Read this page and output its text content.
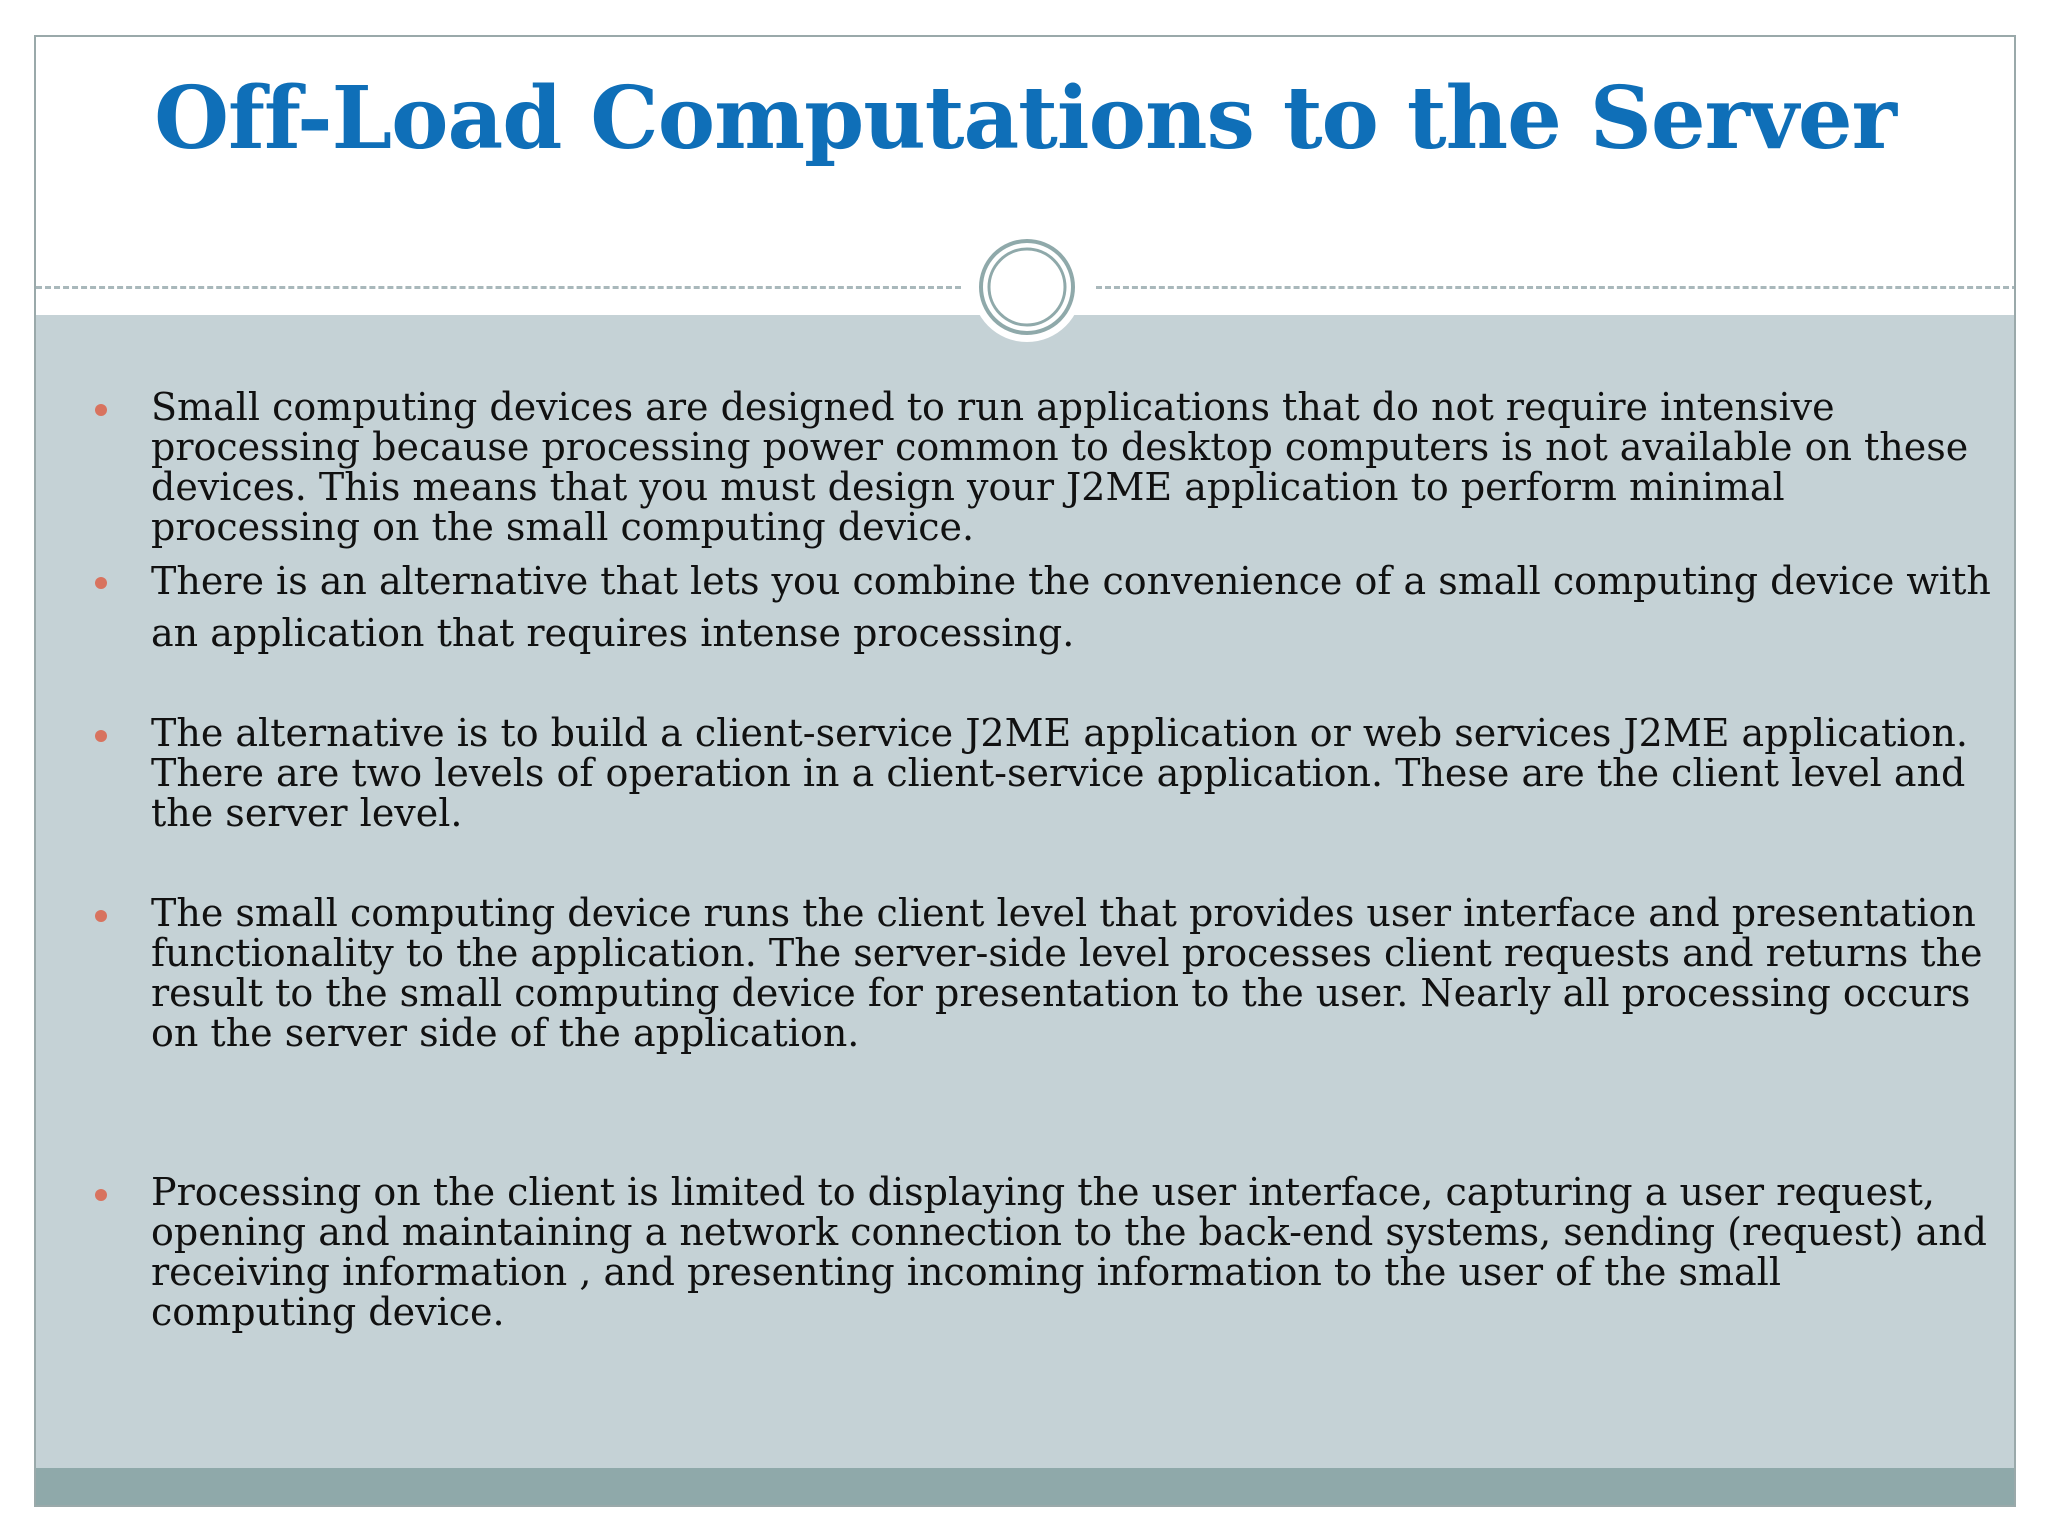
Off-Load Computations to the Server
Small computing devices are designed to run applications that do not require intensive processing because processing power common to desktop computers is not available on these devices. This means that you must design your J2ME application to perform minimal processing on the small computing device.
There is an alternative that lets you combine the convenience of a small computing device with an application that requires intense processing.
The alternative is to build a client-service J2ME application or web services J2ME application. There are two levels of operation in a client-service application. These are the client level and the server level.
The small computing device runs the client level that provides user interface and presentation functionality to the application. The server-side level processes client requests and returns the result to the small computing device for presentation to the user. Nearly all processing occurs on the server side of the application.
Processing on the client is limited to displaying the user interface, capturing a user request, opening and maintaining a network connection to the back-end systems, sending (request) and receiving information , and presenting incoming information to the user of the small computing device.
